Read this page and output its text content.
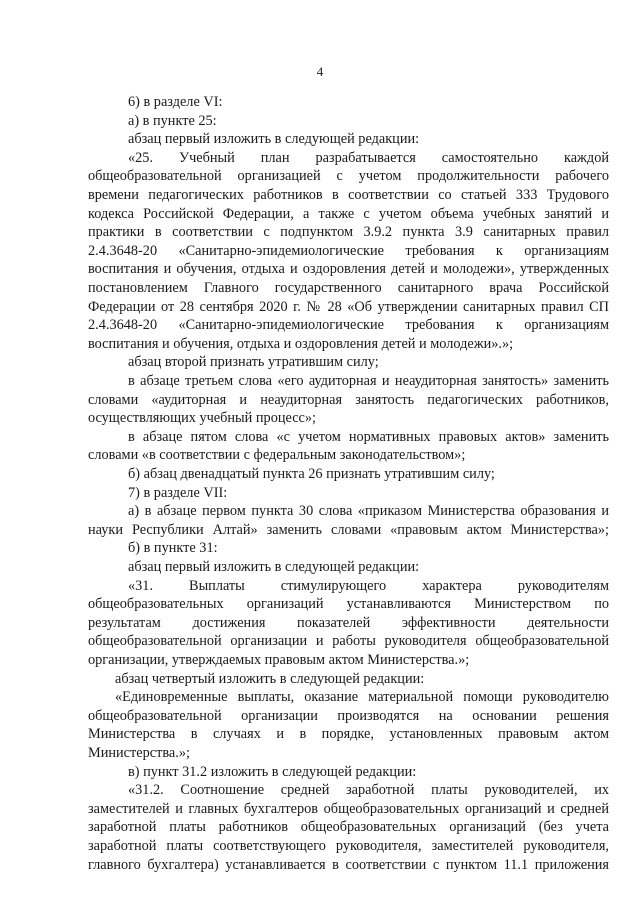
4
6) в разделе VI:
а) в пункте 25:
абзац первый изложить в следующей редакции:
«25. Учебный план разрабатывается самостоятельно каждой
общеобразовательной организацией с учетом продолжительности рабочего
времени педагогических работников в соответствии со статьей 333 Трудового
кодекса Российской Федерации, а также с учетом объема учебных занятий и
практики в соответствии с подпунктом 3.9.2 пункта 3.9 санитарных правил
2.4.3648-20 «Санитарно-эпидемиологические требования к организациям
воспитания и обучения, отдыха и оздоровления детей и молодежи», утвержденных
постановлением Главного государственного санитарного врача Российской
Федерации от 28 сентября 2020 г. № 28 «Об утверждении санитарных правил СП
2.4.3648-20 «Санитарно-эпидемиологические требования к организациям
воспитания и обучения, отдыха и оздоровления детей и молодежи».»;
абзац второй признать утратившим силу;
в абзаце третьем слова «его аудиторная и неаудиторная занятость» заменить
словами «аудиторная и неаудиторная занятость педагогических работников,
осуществляющих учебный процесс»;
в абзаце пятом слова «с учетом нормативных правовых актов» заменить
словами «в соответствии с федеральным законодательством»;
б) абзац двенадцатый пункта 26 признать утратившим силу;
7) в разделе VII:
а) в абзаце первом пункта 30 слова «приказом Министерства образования и
науки Республики Алтай» заменить словами «правовым актом Министерства»;
б) в пункте 31:
абзац первый изложить в следующей редакции:
«31. Выплаты стимулирующего характера руководителям
общеобразовательных организаций устанавливаются Министерством по
результатам достижения показателей эффективности деятельности
общеобразовательной организации и работы руководителя общеобразовательной
организации, утверждаемых правовым актом Министерства.»;
абзац четвертый изложить в следующей редакции:
«Единовременные выплаты, оказание материальной помощи руководителю
общеобразовательной организации производятся на основании решения
Министерства в случаях и в порядке, установленных правовым актом
Министерства.»;
в) пункт 31.2 изложить в следующей редакции:
«31.2. Соотношение средней заработной платы руководителей, их
заместителей и главных бухгалтеров общеобразовательных организаций и средней
заработной платы работников общеобразовательных организаций (без учета
заработной платы соответствующего руководителя, заместителей руководителя,
главного бухгалтера) устанавливается в соответствии с пунктом 11.1 приложения
